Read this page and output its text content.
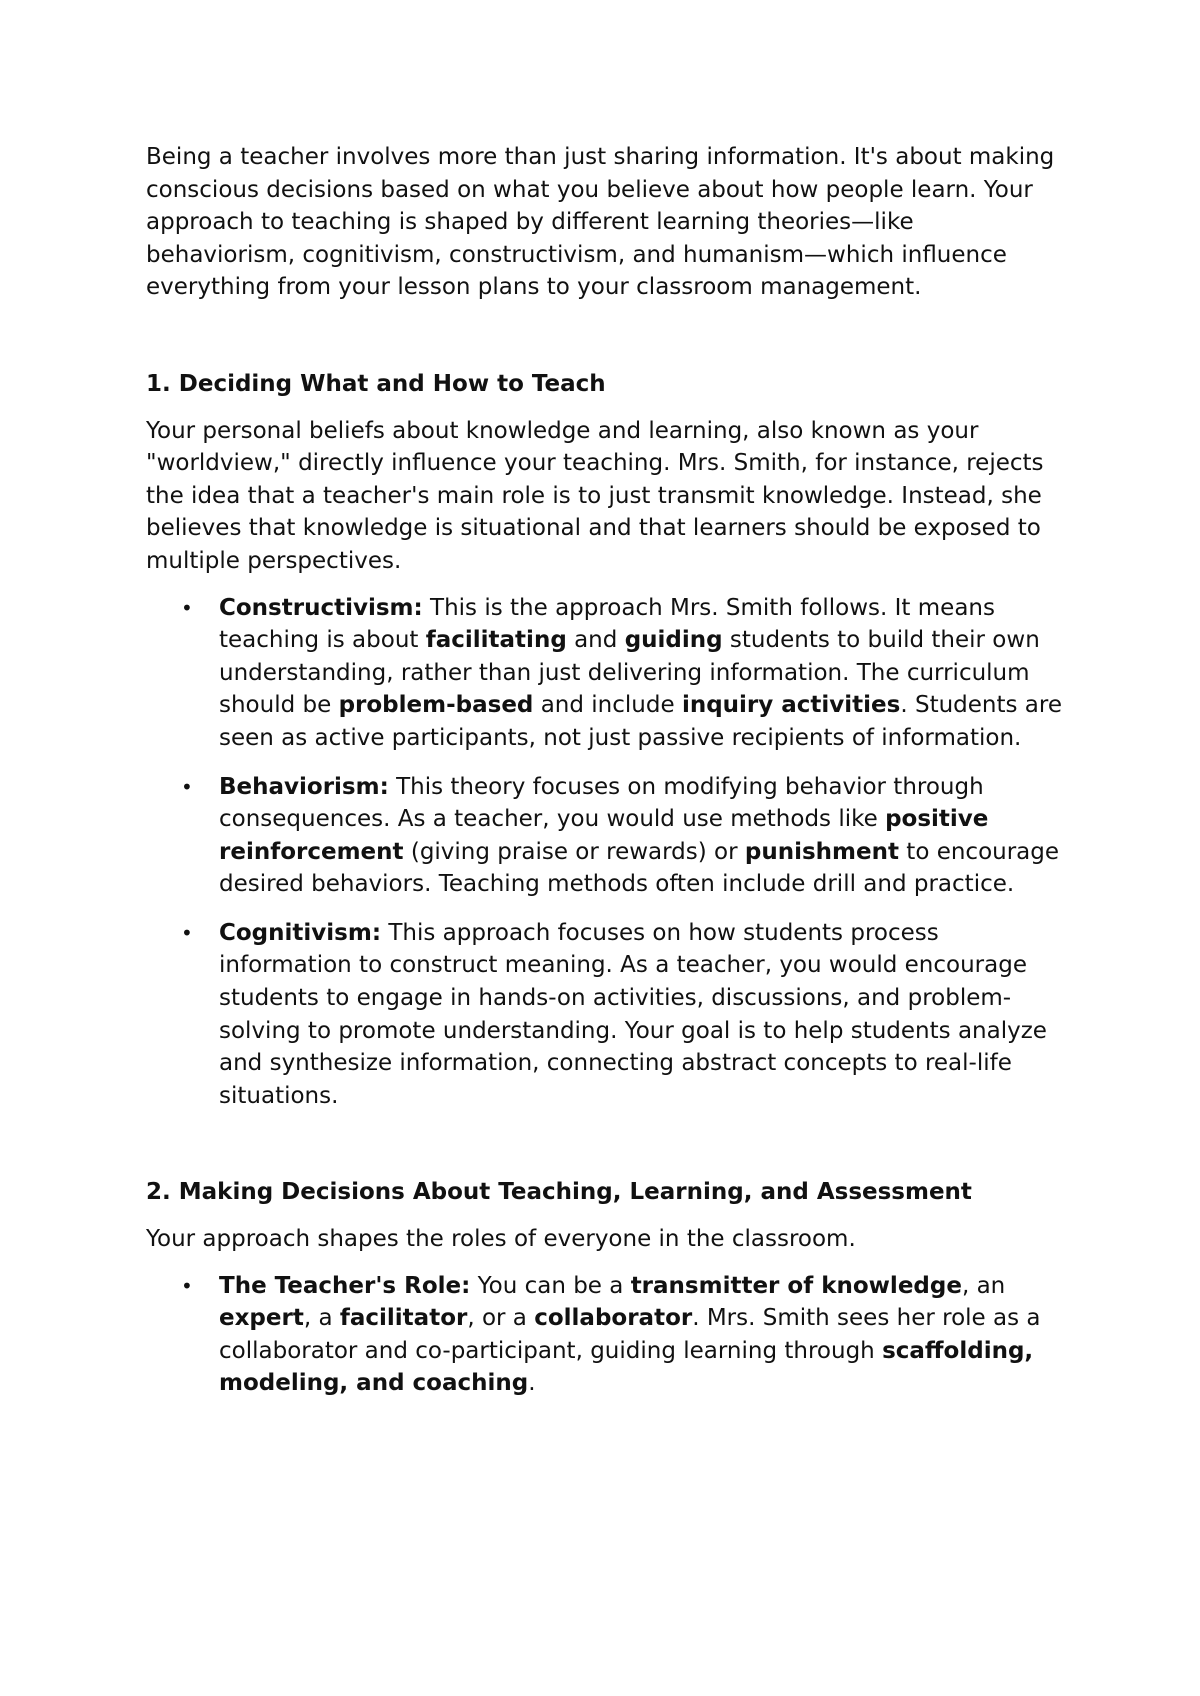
Being a teacher involves more than just sharing information. It's about making conscious decisions based on what you believe about how people learn. Your approach to teaching is shaped by different learning theories—like behaviorism, cognitivism, constructivism, and humanism—which influence everything from your lesson plans to your classroom management.

1. Deciding What and How to Teach

Your personal beliefs about knowledge and learning, also known as your "worldview," directly influence your teaching. Mrs. Smith, for instance, rejects the idea that a teacher's main role is to just transmit knowledge. Instead, she believes that knowledge is situational and that learners should be exposed to multiple perspectives.

• Constructivism: This is the approach Mrs. Smith follows. It means teaching is about facilitating and guiding students to build their own understanding, rather than just delivering information. The curriculum should be problem-based and include inquiry activities. Students are seen as active participants, not just passive recipients of information.
• Behaviorism: This theory focuses on modifying behavior through consequences. As a teacher, you would use methods like positive reinforcement (giving praise or rewards) or punishment to encourage desired behaviors. Teaching methods often include drill and practice.
• Cognitivism: This approach focuses on how students process information to construct meaning. As a teacher, you would encourage students to engage in hands-on activities, discussions, and problem-solving to promote understanding. Your goal is to help students analyze and synthesize information, connecting abstract concepts to real-life situations.
2. Making Decisions About Teaching, Learning, and Assessment

Your approach shapes the roles of everyone in the classroom.

• The Teacher's Role: You can be a transmitter of knowledge, an expert, a facilitator, or a collaborator. Mrs. Smith sees her role as a collaborator and co-participant, guiding learning through scaffolding, modeling, and coaching.
